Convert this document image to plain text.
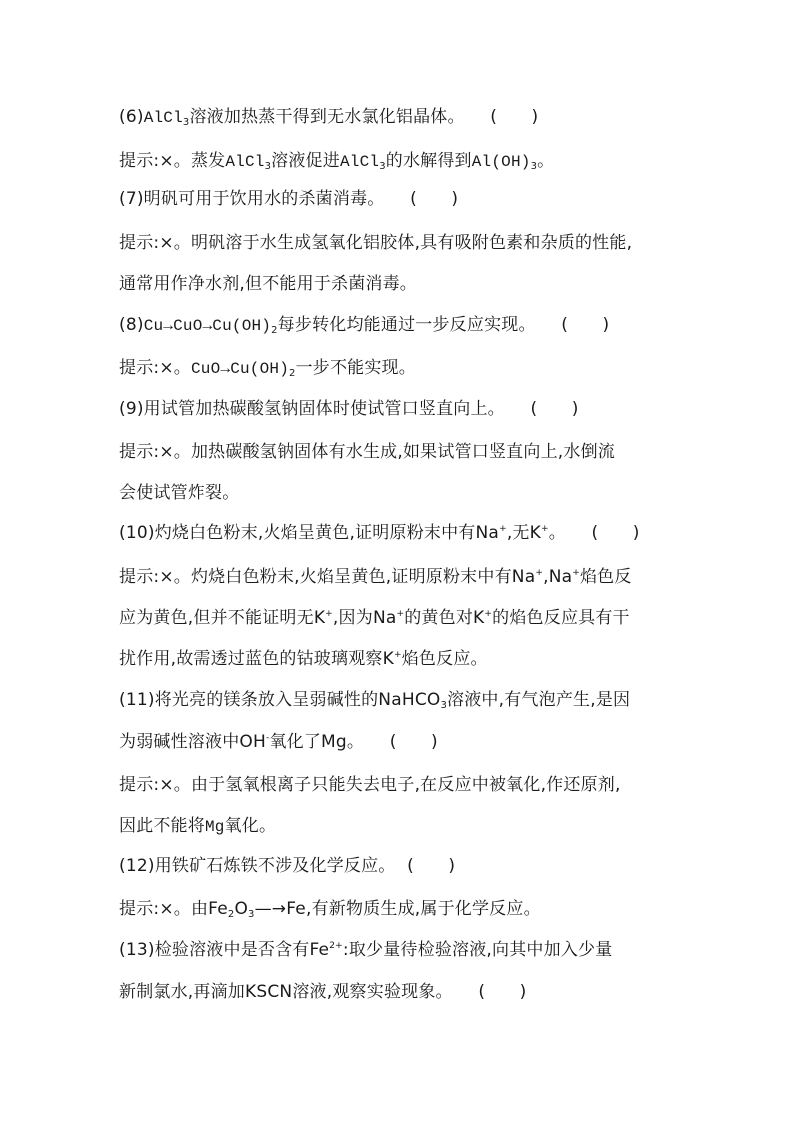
(6)AlCl$_3$溶液加热蒸干得到无水氯化铝晶体。 (　　)
提示:×。蒸发AlCl$_3$溶液促进AlCl$_3$的水解得到$Al(OH)_3$。
(7)明矾可用于饮用水的杀菌消毒。 (　　)
提示:×。明矾溶于水生成氢氧化铝胶体,具有吸附色素和杂质的性能,
通常用作净水剂,但不能用于杀菌消毒。
$(8)Cu\to CuO\to Cu(OH)_2$每步转化均能通过一步反应实现。 (　　)
提示:×。$CuO\to Cu(OH)_2$一步不能实现。
(9)用试管加热碳酸氢钠固体时使试管口竖直向上。 (　　)
提示:×。加热碳酸氢钠固体有水生成,如果试管口竖直向上,水倒流
会使试管炸裂。
(10)灼烧白色粉末,火焰呈黄色,证明原粉末中有Na+,无K+。 (　　)
提示:×。灼烧白色粉末,火焰呈黄色,证明原粉末中有Na+,Na+焰色反
应为黄色,但并不能证明无K+,因为Na+的黄色对K+的焰色反应具有干
扰作用,故需透过蓝色的钴玻璃观察K+焰色反应。
(11)将光亮的镁条放入呈弱碱性的NaHCO$_3$溶液中,有气泡产生,是因
为弱碱性溶液中OH-氧化了Mg。 (　　)
提示:×。由于氢氧根离子只能失去电子,在反应中被氧化,作还原剂,
因此不能将Mg氧化。
(12)用铁矿石炼铁不涉及化学反应。 (　　)
提示:×。由$Fe_2O_3—\to Fe$,有新物质生成,属于化学反应。
(13)检验溶液中是否含有$Fe^{2+}$:取少量待检验溶液,向其中加入少量
新制氯水,再滴加KSCN溶液,观察实验现象。 (　　)
